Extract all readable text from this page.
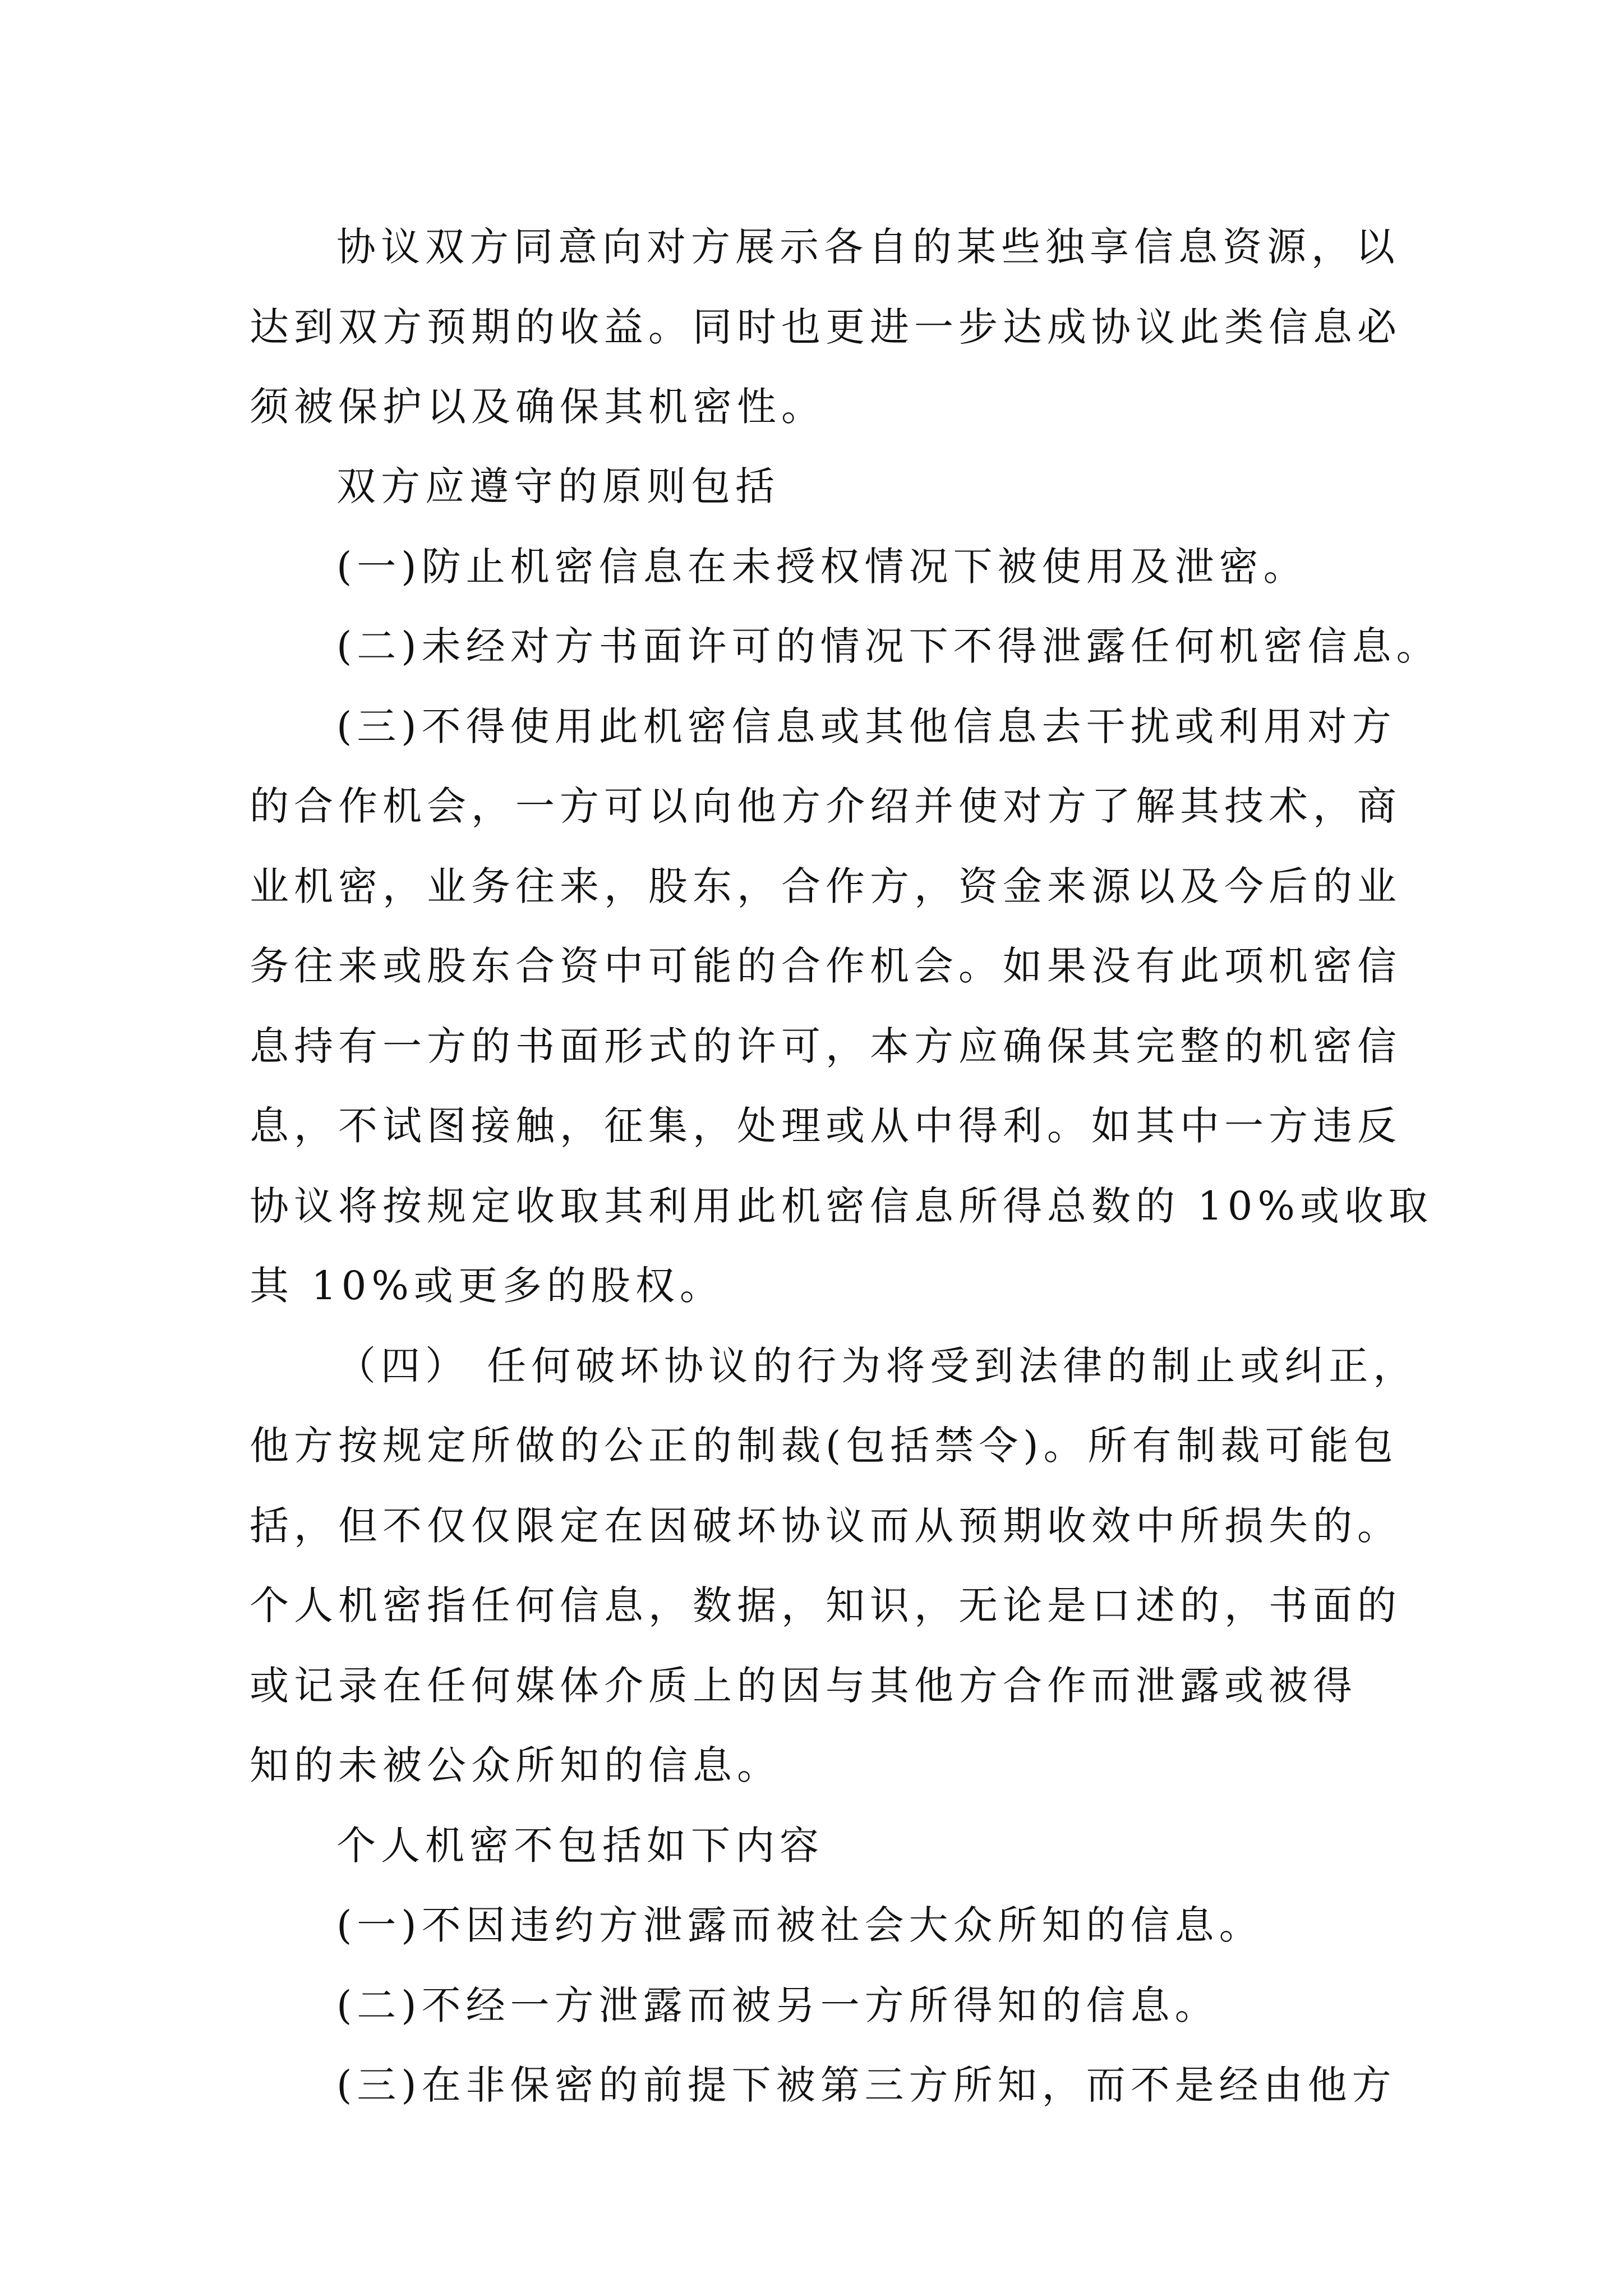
协议双方同意向对方展示各自的某些独享信息资源，以
达到双方预期的收益。同时也更进一步达成协议此类信息必
须被保护以及确保其机密性。
双方应遵守的原则包括
(一)防止机密信息在未授权情况下被使用及泄密。
(二)未经对方书面许可的情况下不得泄露任何机密信息。
(三)不得使用此机密信息或其他信息去干扰或利用对方
的合作机会，一方可以向他方介绍并使对方了解其技术，商
业机密，业务往来，股东，合作方，资金来源以及今后的业
务往来或股东合资中可能的合作机会。如果没有此项机密信
息持有一方的书面形式的许可，本方应确保其完整的机密信
息，不试图接触，征集，处理或从中得利。如其中一方违反
协议将按规定收取其利用此机密信息所得总数的 10%或收取
其 10%或更多的股权。
（四） 任何破坏协议的行为将受到法律的制止或纠正，
他方按规定所做的公正的制裁(包括禁令)。所有制裁可能包
括，但不仅仅限定在因破坏协议而从预期收效中所损失的。
个人机密指任何信息，数据，知识，无论是口述的，书面的
或记录在任何媒体介质上的因与其他方合作而泄露或被得
知的未被公众所知的信息。
个人机密不包括如下内容
(一)不因违约方泄露而被社会大众所知的信息。
(二)不经一方泄露而被另一方所得知的信息。
(三)在非保密的前提下被第三方所知，而不是经由他方
